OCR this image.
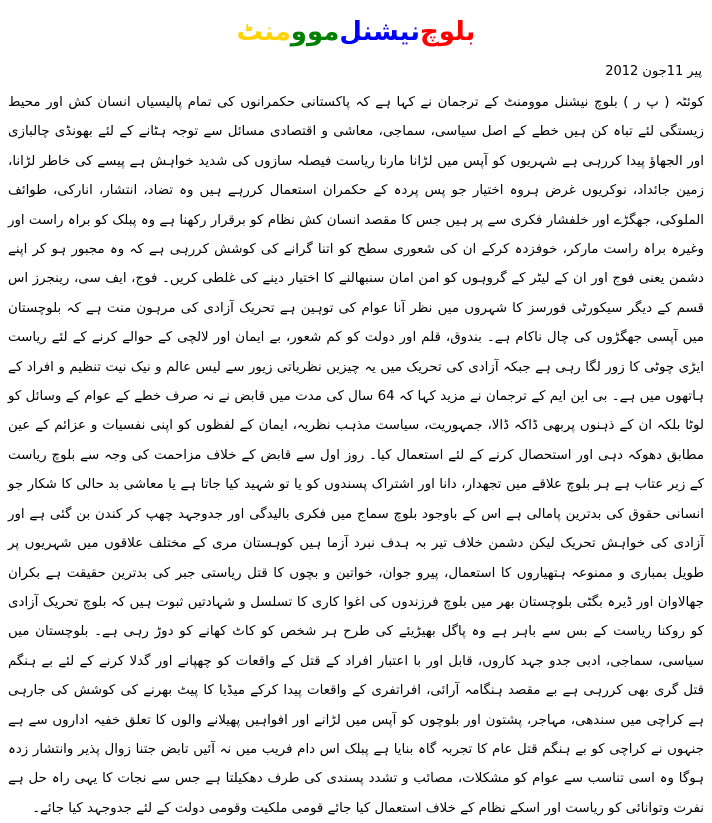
بلوچ
نیشنل
موو
منٹ
پیر11جون 2012

کوئٹہ ( پ ر ) بلوچ نیشنل موومنٹ کے ترجمان نے کہا ہے کہ پاکستانی حکمرانوں کی تمام پالیسیاں انسان کش اور محیط زیستگی لئے تباہ کن ہیں خطے کے اصل سیاسی، سماجی، معاشی و اقتصادی مسائل سے توجہ ہٹانے کے لئے بھونڈی چالبازی اور الجھاؤ پیدا کررہی ہے شہریوں کو آپس میں لڑانا مارنا ریاست فیصلہ سازوں کی شدید خواہش ہے پیسے کی خاطر لڑانا، زمین جائداد، نوکریوں غرض ہروہ اختیار جو پس پردہ کے حکمران استعمال کررہے ہیں وہ تضاد، انتشار، انارکی، طوائف الملوکی، جھگڑے اور خلفشار فکری سے پر ہیں جس کا مقصد انسان کش نظام کو برقرار رکھنا ہے وہ پبلک کو براہ راست اور وغیرہ براہ راست مارکر، خوفزدہ کرکے ان کی شعوری سطح کو اتنا گرانے کی کوشش کررہی ہے کہ وہ مجبور ہو کر اپنے دشمن یعنی فوج اور ان کے لیٹر کے گروہوں کو امن امان سنبھالنے کا اختیار دینے کی غلطی کریں۔ فوج، ایف سی، رینجرز اس قسم کے دیگر سیکورٹی فورسز کا شہروں میں نظر آنا عوام کی توہین ہے تحریک آزادی کی مرہون منت ہے کہ بلوچستان میں آپسی جھگڑوں کی چال ناکام ہے۔ بندوق، قلم اور دولت کو کم شعور، بے ایمان اور لالچی کے حوالے کرنے کے لئے ریاست ایڑی چوٹی کا زور لگا رہی ہے جبکہ آزادی کی تحریک میں یہ چیزیں نظریاتی زیور سے لیس عالم و نیک نیت تنظیم و افراد کے ہاتھوں میں ہے۔ بی این ایم کے ترجمان نے مزید کہا کہ 64 سال کی مدت میں قابض نے نہ صرف خطے کے عوام کے وسائل کو لوٹا بلکہ ان کے ذہنوں پربھی ڈاکہ ڈالا، جمہوریت، سیاست مذہب نظریہ، ایمان کے لفظوں کو اپنی نفسیات و عزائم کے عین مطابق دھوکہ دہی اور استحصال کرنے کے لئے استعمال کیا۔ روز اول سے قابض کے خلاف مزاحمت کی وجہ سے بلوچ ریاست کے زیر عتاب ہے ہر بلوچ علاقے میں تجھدار، دانا اور اشتراک پسندوں کو یا تو شہید کیا جاتا ہے یا معاشی بد حالی کا شکار جو انسانی حقوق کی بدترین پامالی ہے اس کے باوجود بلوچ سماج میں فکری بالیدگی اور جدوجہد چھپ کر کندن بن گئی ہے اور آزادی کی خواہش تحریک لیکن دشمن خلاف تیر بہ ہدف نبرد آزما ہیں کوہستان مری کے مختلف علاقوں میں شہریوں پر طویل بمباری و ممنوعہ ہتھیاروں کا استعمال، پیرو جوان، خواتین و بچوں کا قتل ریاستی جبر کی بدترین حقیقت ہے بکران جھالاوان اور ڈیرہ بگٹی بلوچستان بھر میں بلوچ فرزندوں کی اغوا کاری کا تسلسل و شہادتیں ثبوت ہیں کہ بلوچ تحریک آزادی کو روکنا ریاست کے بس سے باہر ہے وہ پاگل بھیڑیئے کی طرح ہر شخص کو کاٹ کھانے کو دوڑ رہی ہے۔ بلوچستان میں سیاسی، سماجی، ادبی جدو جہد کاروں، قابل اور با اعتبار افراد کے قتل کے واقعات کو چھپانے اور گدلا کرنے کے لئے بے ہنگم قتل گری بھی کررہی ہے بے مقصد ہنگامہ آرائی، افراتفری کے واقعات پیدا کرکے میڈیا کا پیٹ بھرنے کی کوشش کی جارہی ہے کراچی میں سندھی، مہاجر، پشتون اور بلوچوں کو آپس میں لڑانے اور افواہیں پھیلانے والوں کا تعلق خفیہ اداروں سے ہے جنہوں نے کراچی کو بے ہنگم قتل عام کا تجربہ گاہ بنایا ہے پبلک اس دام فریب میں نہ آئیں تابض جتنا زوال پذیر وانتشار زدہ ہوگا وہ اسی تناسب سے عوام کو مشکلات، مصائب و تشدد پسندی کی طرف دھکیلتا ہے جس سے نجات کا یہی راہ حل ہے نفرت وتوانائی کو ریاست اور اسکے نظام کے خلاف استعمال کیا جائے قومی ملکیت وقومی دولت کے لئے جدوجہد کیا جائے۔
